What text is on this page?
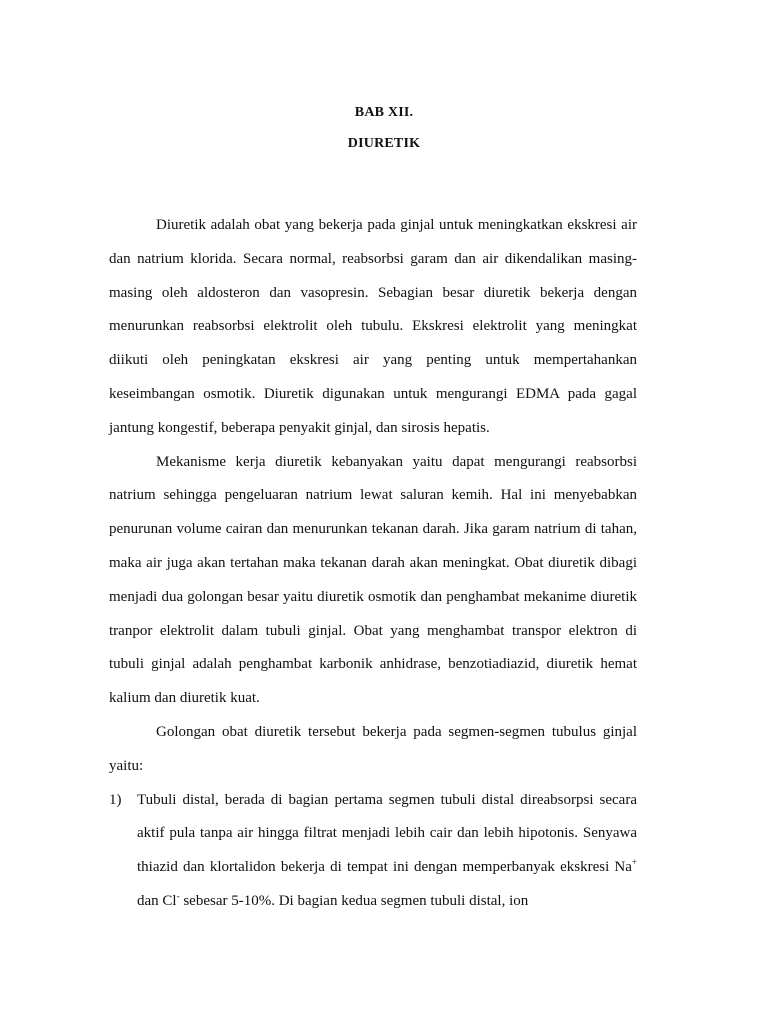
BAB XII.
DIURETIK

Diuretik adalah obat yang bekerja pada ginjal untuk meningkatkan ekskresi air dan natrium klorida. Secara normal, reabsorbsi garam dan air dikendalikan masing-masing oleh aldosteron dan vasopresin. Sebagian besar diuretik bekerja dengan menurunkan reabsorbsi elektrolit oleh tubulu. Ekskresi elektrolit yang meningkat diikuti oleh peningkatan ekskresi air yang penting untuk mempertahankan keseimbangan osmotik. Diuretik digunakan untuk mengurangi EDMA pada gagal jantung kongestif, beberapa penyakit ginjal, dan sirosis hepatis.

Mekanisme kerja diuretik kebanyakan yaitu dapat mengurangi reabsorbsi natrium sehingga pengeluaran natrium lewat saluran kemih. Hal ini menyebabkan penurunan volume cairan dan menurunkan tekanan darah. Jika garam natrium di tahan, maka air juga akan tertahan maka tekanan darah akan meningkat. Obat diuretik dibagi menjadi dua golongan besar yaitu diuretik osmotik dan penghambat mekanime diuretik tranpor elektrolit dalam tubuli ginjal. Obat yang menghambat transpor elektron di tubuli ginjal adalah penghambat karbonik anhidrase, benzotiadiazid, diuretik hemat kalium dan diuretik kuat.

Golongan obat diuretik tersebut bekerja pada segmen-segmen tubulus ginjal yaitu:

1) Tubuli distal, berada di bagian pertama segmen tubuli distal direabsorpsi secara aktif pula tanpa air hingga filtrat menjadi lebih cair dan lebih hipotonis. Senyawa thiazid dan klortalidon bekerja di tempat ini dengan memperbanyak ekskresi Na+ dan Cl- sebesar 5-10%. Di bagian kedua segmen tubuli distal, ion
